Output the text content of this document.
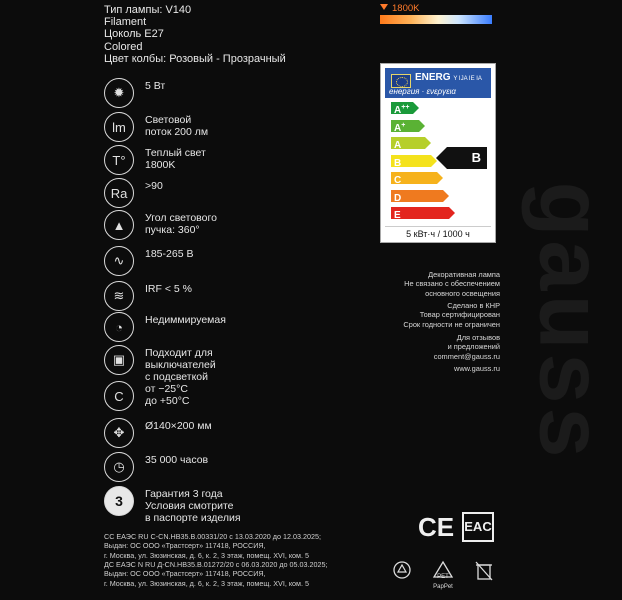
gauss
Тип лампы: V140
Filament
Цоколь E27
Colored
Цвет колбы: Розовый - Прозрачный
1800K
✹	5 Вт
lm	Световой
поток 200 лм
T°	Теплый свет
1800K
Ra	>90
▲	Угол светового
пучка: 360°
∿	185-265 В
≋	IRF < 5 %
◔	Недиммируемая
▣	Подходит для
выключателей
с подсветкой
C	от −25°С
до +50°С
✥	Ø140×200 мм
◷	35 000 часов
3	Гарантия 3 года
Условия смотрите
в паспорте изделия
ENERG Y IJA IE IA
енергия · ενεργεια
A++
A+
A
B
C
D
E
B
5 кВт·ч / 1000 ч
Декоративная лампа
Не связано с обеспечением
основного освещения
Сделано в КНР
Товар сертифицирован
Срок годности не ограничен
Для отзывов
и предложений
comment@gauss.ru
www.gauss.ru
СС ЕАЭС RU C-CN.НВ35.В.00331/20 с 13.03.2020 до 12.03.2025;
Выдан: ОС ООО «Трастсерт» 117418, РОССИЯ,
г. Москва, ул. Зюзинская, д. 6, к. 2, 3 этаж, помещ. XVI, ком. 5
ДС ЕАЭС N RU Д-CN.НВ35.В.01272/20 с 06.03.2020 до 05.03.2025;
Выдан: ОС ООО «Трастсерт» 117418, РОССИЯ,
г. Москва, ул. Зюзинская, д. 6, к. 2, 3 этаж, помещ. XVI, ком. 5
CE EAC
PET
PapPet
